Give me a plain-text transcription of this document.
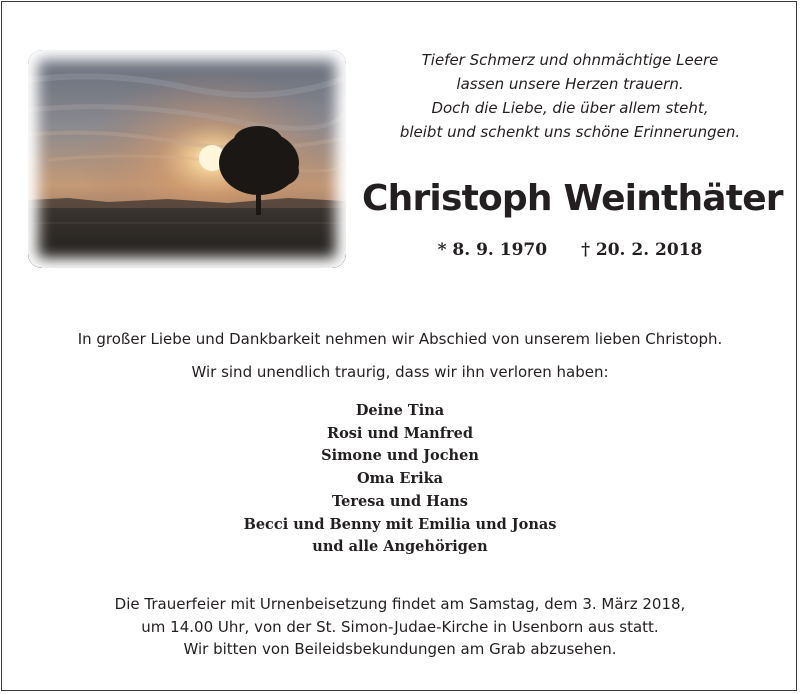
Tiefer Schmerz und ohnmächtige Leere
lassen unsere Herzen trauern.
Doch die Liebe, die über allem steht,
bleibt und schenkt uns schöne Erinnerungen.
Christoph Weinthäter
* 8. 9. 1970 † 20. 2. 2018
In großer Liebe und Dankbarkeit nehmen wir Abschied von unserem lieben Christoph.
Wir sind unendlich traurig, dass wir ihn verloren haben:
Deine Tina
Rosi und Manfred
Simone und Jochen
Oma Erika
Teresa und Hans
Becci und Benny mit Emilia und Jonas
und alle Angehörigen
Die Trauerfeier mit Urnenbeisetzung findet am Samstag, dem 3. März 2018,
um 14.00 Uhr, von der St. Simon-Judae-Kirche in Usenborn aus statt.
Wir bitten von Beileidsbekundungen am Grab abzusehen.
